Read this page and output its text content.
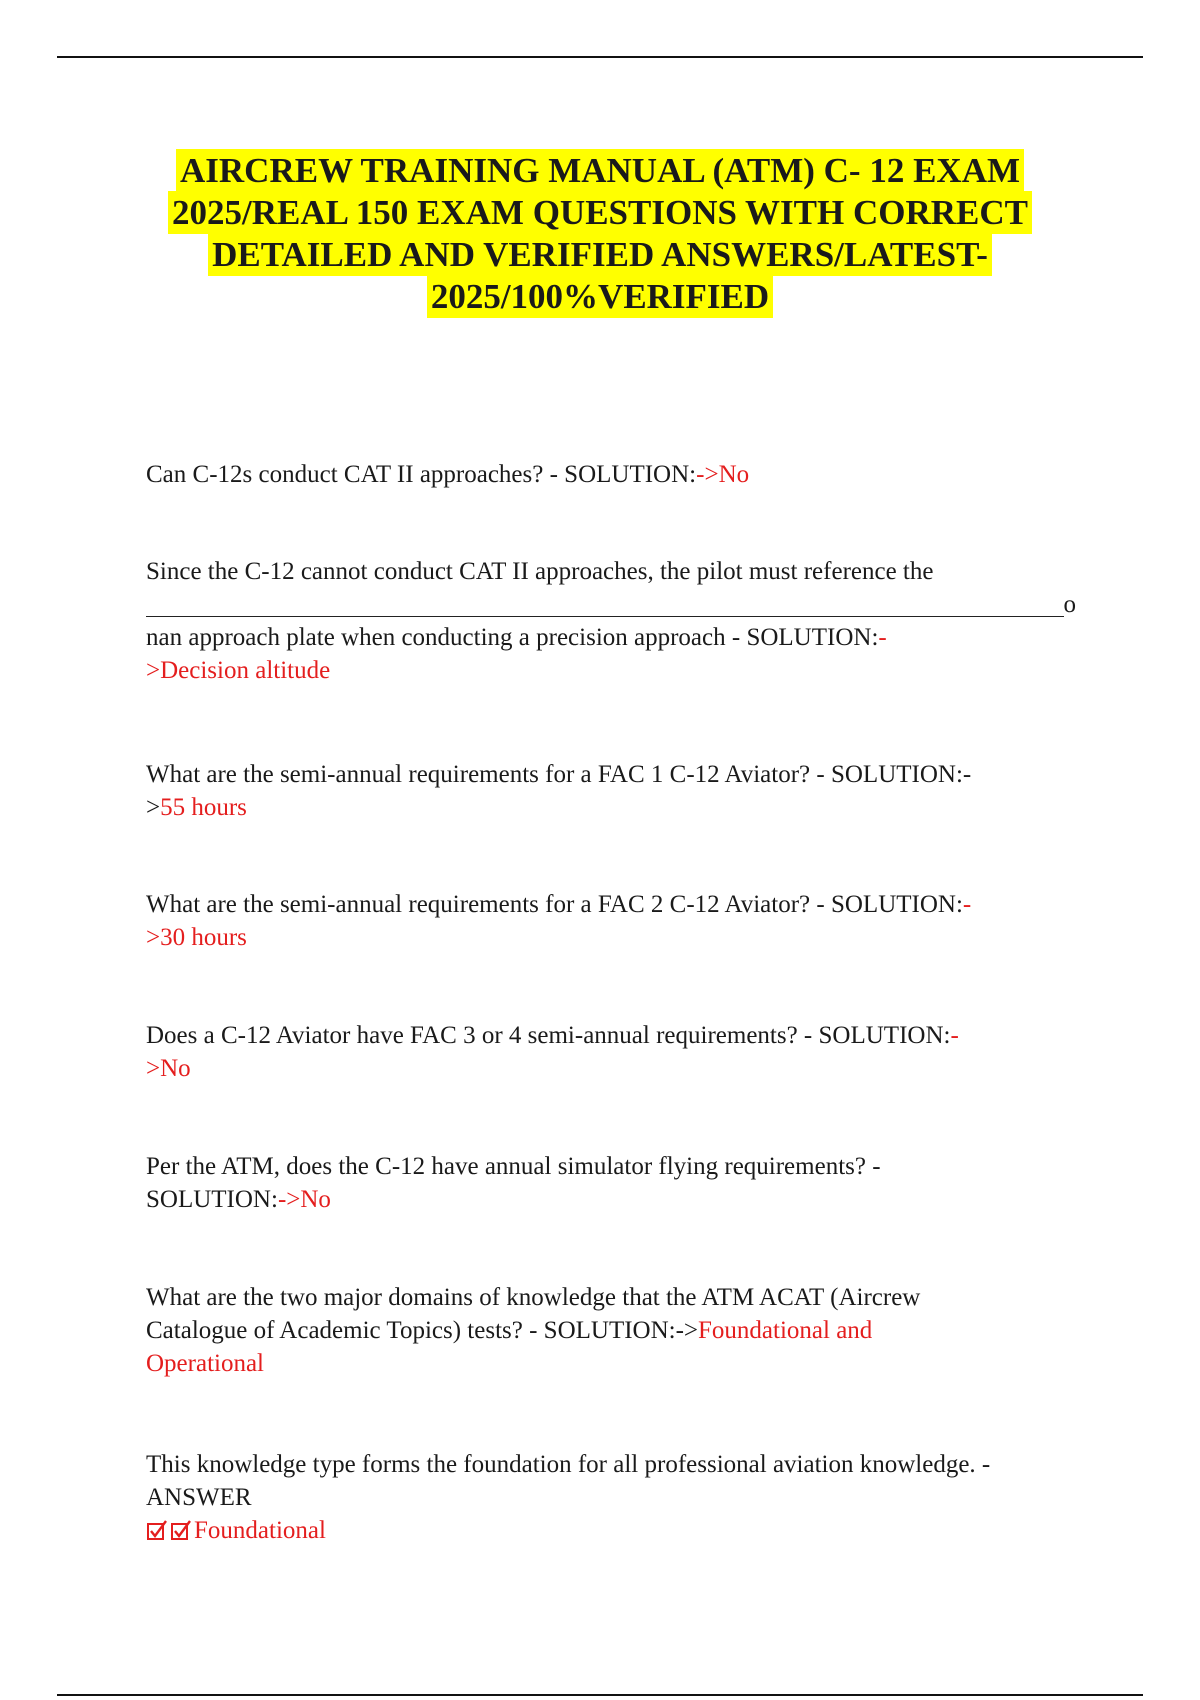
AIRCREW TRAINING MANUAL (ATM) C- 12 EXAM
2025/REAL 150 EXAM QUESTIONS WITH CORRECT
DETAILED AND VERIFIED ANSWERS/LATEST-
2025/100%VERIFIED
Can C-12s conduct CAT II approaches? - SOLUTION:->No
Since the C-12 cannot conduct CAT II approaches, the pilot must reference the
o
nan approach plate when conducting a precision approach - SOLUTION:-
>Decision altitude
What are the semi-annual requirements for a FAC 1 C-12 Aviator? - SOLUTION:-
>55 hours
What are the semi-annual requirements for a FAC 2 C-12 Aviator? - SOLUTION:-
>30 hours
Does a C-12 Aviator have FAC 3 or 4 semi-annual requirements? - SOLUTION:-
>No
Per the ATM, does the C-12 have annual simulator flying requirements? -
SOLUTION:->No
What are the two major domains of knowledge that the ATM ACAT (Aircrew
Catalogue of Academic Topics) tests? - SOLUTION:->Foundational and
Operational
This knowledge type forms the foundation for all professional aviation knowledge. -
ANSWER
Foundational
